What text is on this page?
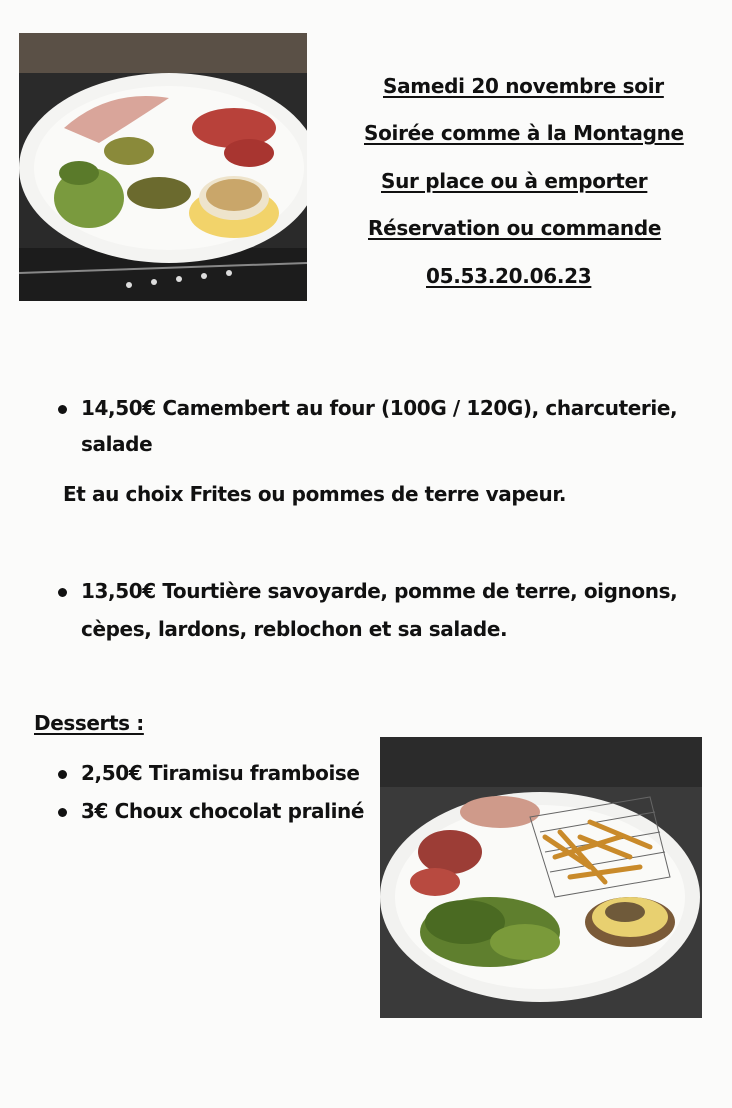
Samedi 20 novembre soir
Soirée comme à la Montagne
Sur place ou à emporter
Réservation ou commande
05.53.20.06.23
14,50€ Camembert au four (100G / 120G), charcuterie,
salade
Et au choix Frites ou pommes de terre vapeur.
13,50€ Tourtière savoyarde, pomme de terre, oignons,
cèpes, lardons, reblochon et sa salade.
Desserts :
2,50€ Tiramisu framboise
3€ Choux chocolat praliné
